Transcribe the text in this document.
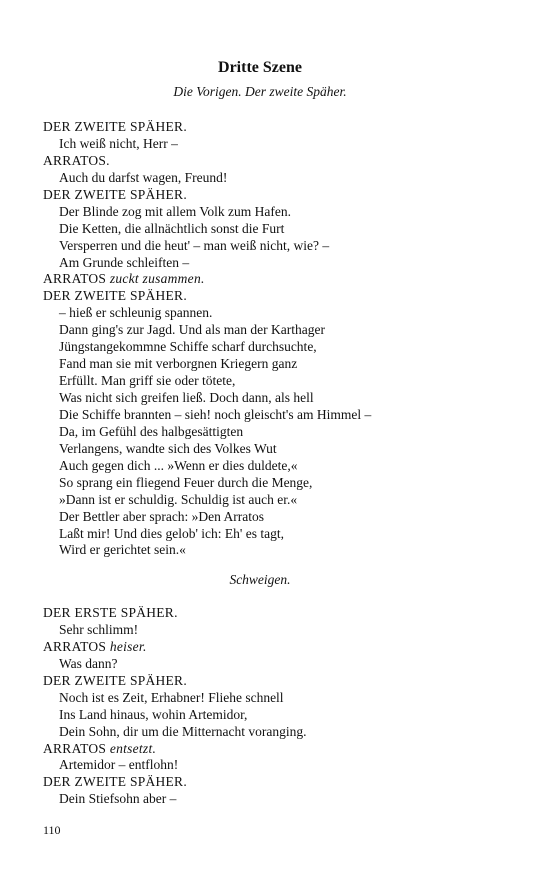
Dritte Szene
Die Vorigen. Der zweite Späher.
DER ZWEITE SPÄHER.
Ich weiß nicht, Herr –
ARRATOS.
Auch du darfst wagen, Freund!
DER ZWEITE SPÄHER.
Der Blinde zog mit allem Volk zum Hafen.
Die Ketten, die allnächtlich sonst die Furt
Versperren und die heut' – man weiß nicht, wie? –
Am Grunde schleiften –
ARRATOS zuckt zusammen.
DER ZWEITE SPÄHER.
– hieß er schleunig spannen.
Dann ging's zur Jagd. Und als man der Karthager
Jüngstangekommne Schiffe scharf durchsuchte,
Fand man sie mit verborgnen Kriegern ganz
Erfüllt. Man griff sie oder tötete,
Was nicht sich greifen ließ. Doch dann, als hell
Die Schiffe brannten – sieh! noch gleischt's am Himmel –
Da, im Gefühl des halbgesättigten
Verlangens, wandte sich des Volkes Wut
Auch gegen dich ... »Wenn er dies duldete,«
So sprang ein fliegend Feuer durch die Menge,
»Dann ist er schuldig. Schuldig ist auch er.«
Der Bettler aber sprach: »Den Arratos
Laßt mir! Und dies gelob' ich: Eh' es tagt,
Wird er gerichtet sein.«
Schweigen.
DER ERSTE SPÄHER.
Sehr schlimm!
ARRATOS heiser.
Was dann?
DER ZWEITE SPÄHER.
Noch ist es Zeit, Erhabner! Fliehe schnell
Ins Land hinaus, wohin Artemidor,
Dein Sohn, dir um die Mitternacht voranging.
ARRATOS entsetzt.
Artemidor – entflohn!
DER ZWEITE SPÄHER.
Dein Stiefsohn aber –
110
